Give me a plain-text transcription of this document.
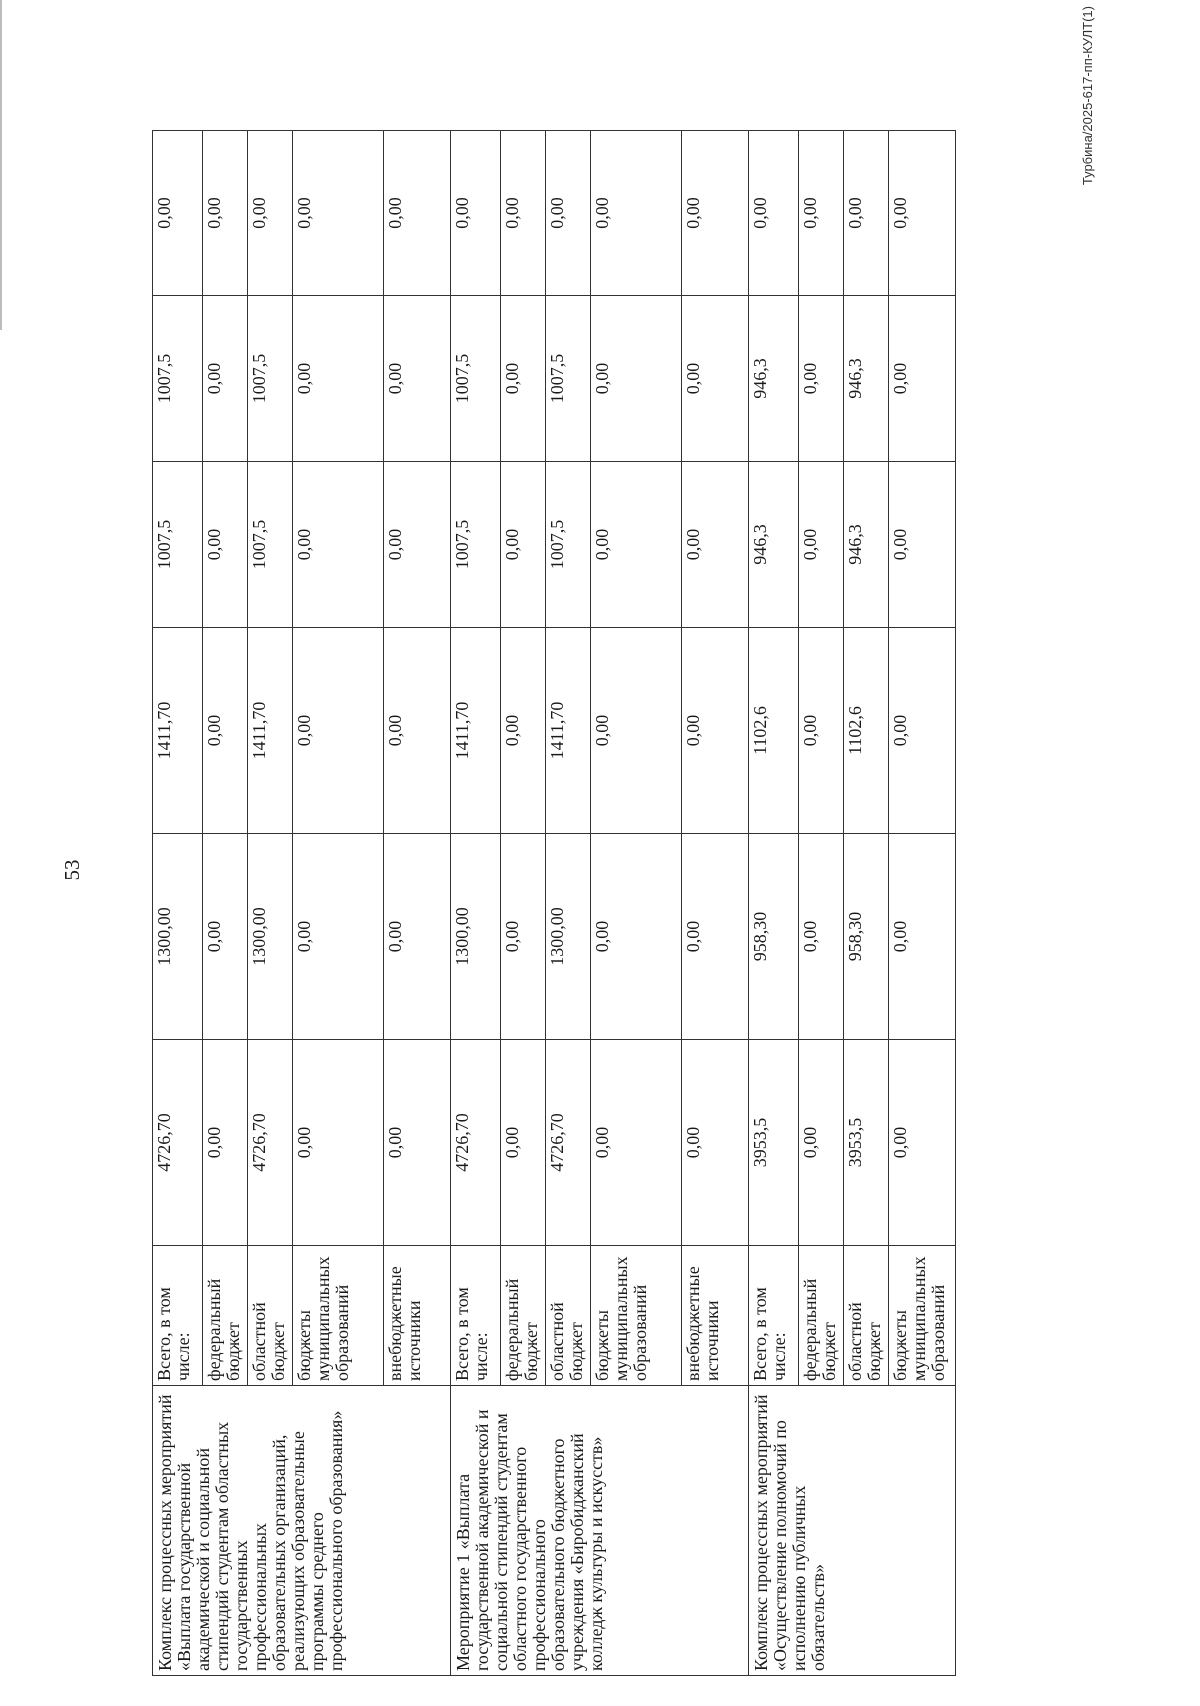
53
Турбина/2025-617-пп-КУЛТ(1)
Комплекс процессных мероприятий «Выплата государственной академической и социальной стипендий студентам областных государственных профессиональных образовательных организаций, реализующих образовательные программы среднего профессионального образования»	Всего, в том числе:	4726,70	1300,00	1411,70	1007,5	1007,5	0,00
	федеральный бюджет	0,00	0,00	0,00	0,00	0,00	0,00
	областной бюджет	4726,70	1300,00	1411,70	1007,5	1007,5	0,00
	бюджеты муниципальных образований	0,00	0,00	0,00	0,00	0,00	0,00
	внебюджетные источники	0,00	0,00	0,00	0,00	0,00	0,00
Мероприятие 1 «Выплата государственной академической и социальной стипендий студентам областного государственного профессионального образовательного бюджетного учреждения «Биробиджанский колледж культуры и искусств»	Всего, в том числе:	4726,70	1300,00	1411,70	1007,5	1007,5	0,00
	федеральный бюджет	0,00	0,00	0,00	0,00	0,00	0,00
	областной бюджет	4726,70	1300,00	1411,70	1007,5	1007,5	0,00
	бюджеты муниципальных образований	0,00	0,00	0,00	0,00	0,00	0,00
	внебюджетные источники	0,00	0,00	0,00	0,00	0,00	0,00
Комплекс процессных мероприятий «Осуществление полномочий по исполнению публичных обязательств»	Всего, в том числе:	3953,5	958,30	1102,6	946,3	946,3	0,00
	федеральный бюджет	0,00	0,00	0,00	0,00	0,00	0,00
	областной бюджет	3953,5	958,30	1102,6	946,3	946,3	0,00
	бюджеты муниципальных образований	0,00	0,00	0,00	0,00	0,00	0,00
